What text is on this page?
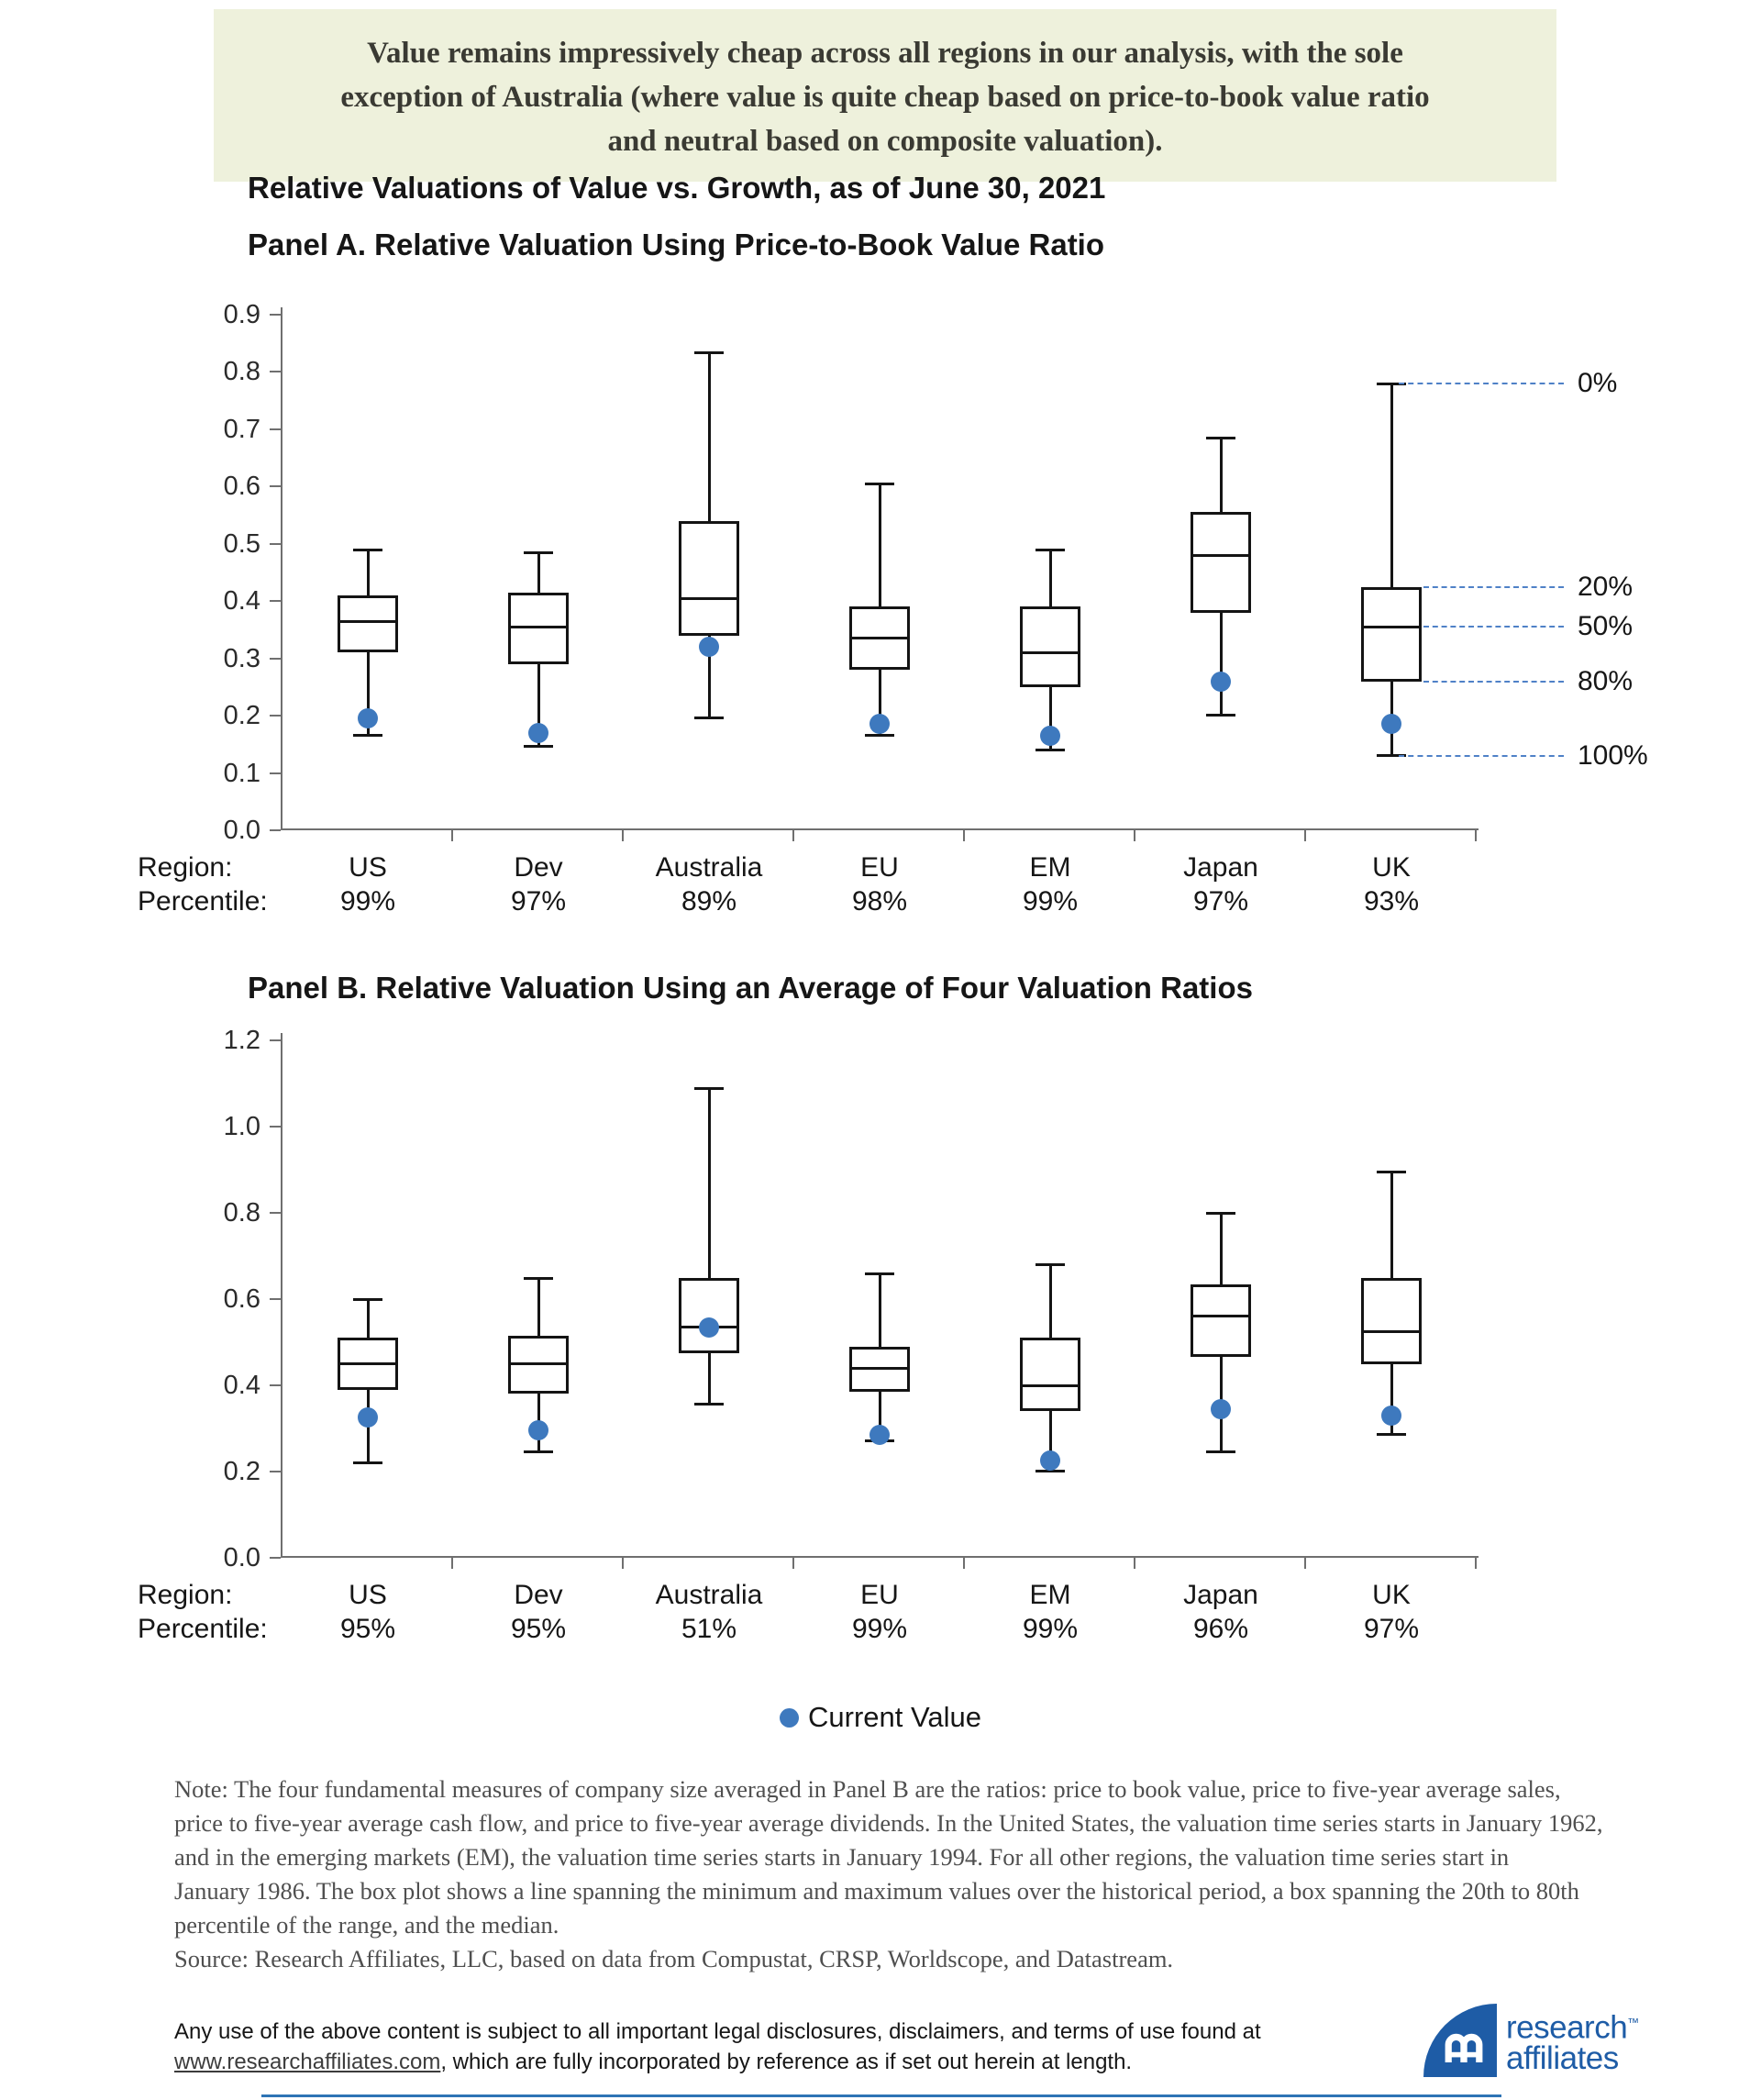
Value remains impressively cheap across all regions in our analysis, with the sole
exception of Australia (where value is quite cheap based on price-to-book value ratio
and neutral based on composite valuation).
Relative Valuations of Value vs. Growth, as of June 30, 2021
Panel A. Relative Valuation Using Price-to-Book Value Ratio
0.0
0.1
0.2
0.3
0.4
0.5
0.6
0.7
0.8
0.9
0%
20%
50%
80%
100%
Panel B. Relative Valuation Using an Average of Four Valuation Ratios
0.0
0.2
0.4
0.6
0.8
1.0
1.2
Current Value
Note: The four fundamental measures of company size averaged in Panel B are the ratios: price to book value, price to five-year average sales,
price to five-year average cash flow, and price to five-year average dividends. In the United States, the valuation time series starts in January 1962,
and in the emerging markets (EM), the valuation time series starts in January 1994. For all other regions, the valuation time series start in
January 1986. The box plot shows a line spanning the minimum and maximum values over the historical period, a box spanning the 20th to 80th
percentile of the range, and the median.
Source: Research Affiliates, LLC, based on data from Compustat, CRSP, Worldscope, and Datastream.
Any use of the above content is subject to all important legal disclosures, disclaimers, and terms of use found at
www.researchaffiliates.com, which are fully incorporated by reference as if set out herein at length.
research™
affiliates
Region:
Percentile:
US
99%
Dev
97%
Australia
89%
EU
98%
EM
99%
Japan
97%
UK
93%
Region:
Percentile:
US
95%
Dev
95%
Australia
51%
EU
99%
EM
99%
Japan
96%
UK
97%
